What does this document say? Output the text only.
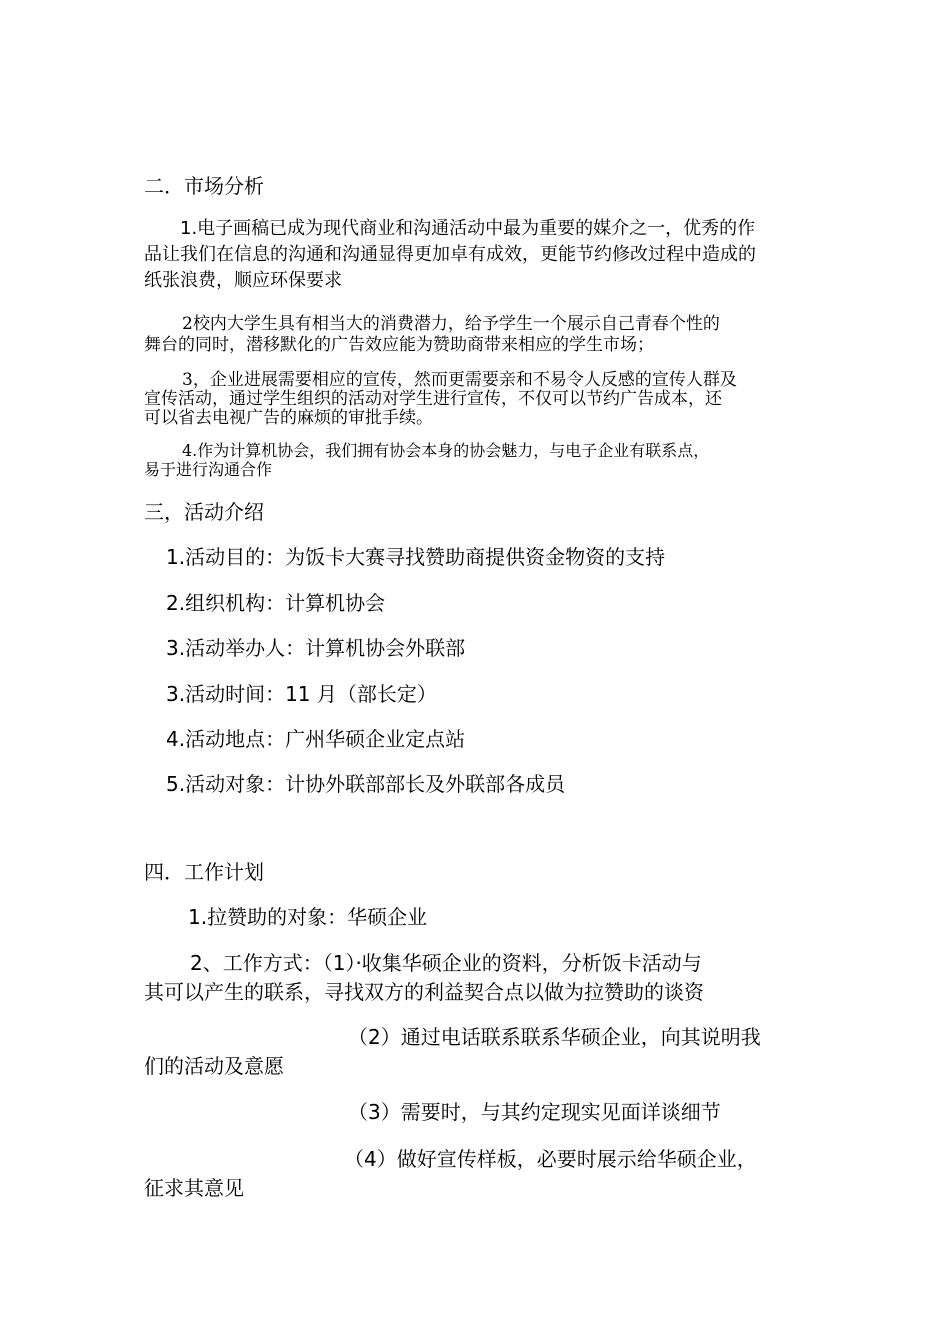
二．市场分析
1.电子画稿已成为现代商业和沟通活动中最为重要的媒介之一，优秀的作
品让我们在信息的沟通和沟通显得更加卓有成效，更能节约修改过程中造成的
纸张浪费，顺应环保要求
2校内大学生具有相当大的消费潜力，给予学生一个展示自己青春个性的
舞台的同时，潜移默化的广告效应能为赞助商带来相应的学生市场；
3，企业进展需要相应的宣传，然而更需要亲和不易令人反感的宣传人群及
宣传活动，通过学生组织的活动对学生进行宣传，不仅可以节约广告成本，还
可以省去电视广告的麻烦的审批手续。
4.作为计算机协会，我们拥有协会本身的协会魅力，与电子企业有联系点，
易于进行沟通合作
三，活动介绍
1.活动目的：为饭卡大赛寻找赞助商提供资金物资的支持
2.组织机构：计算机协会
3.活动举办人：计算机协会外联部
3.活动时间：11 月（部长定）
4.活动地点：广州华硕企业定点站
5.活动对象：计协外联部部长及外联部各成员
四．工作计划
1.拉赞助的对象：华硕企业
2、工作方式：（1）·收集华硕企业的资料，分析饭卡活动与
其可以产生的联系，寻找双方的利益契合点以做为拉赞助的谈资
（2）通过电话联系联系华硕企业，向其说明我
们的活动及意愿
（3）需要时，与其约定现实见面详谈细节
（4）做好宣传样板，必要时展示给华硕企业，
征求其意见
